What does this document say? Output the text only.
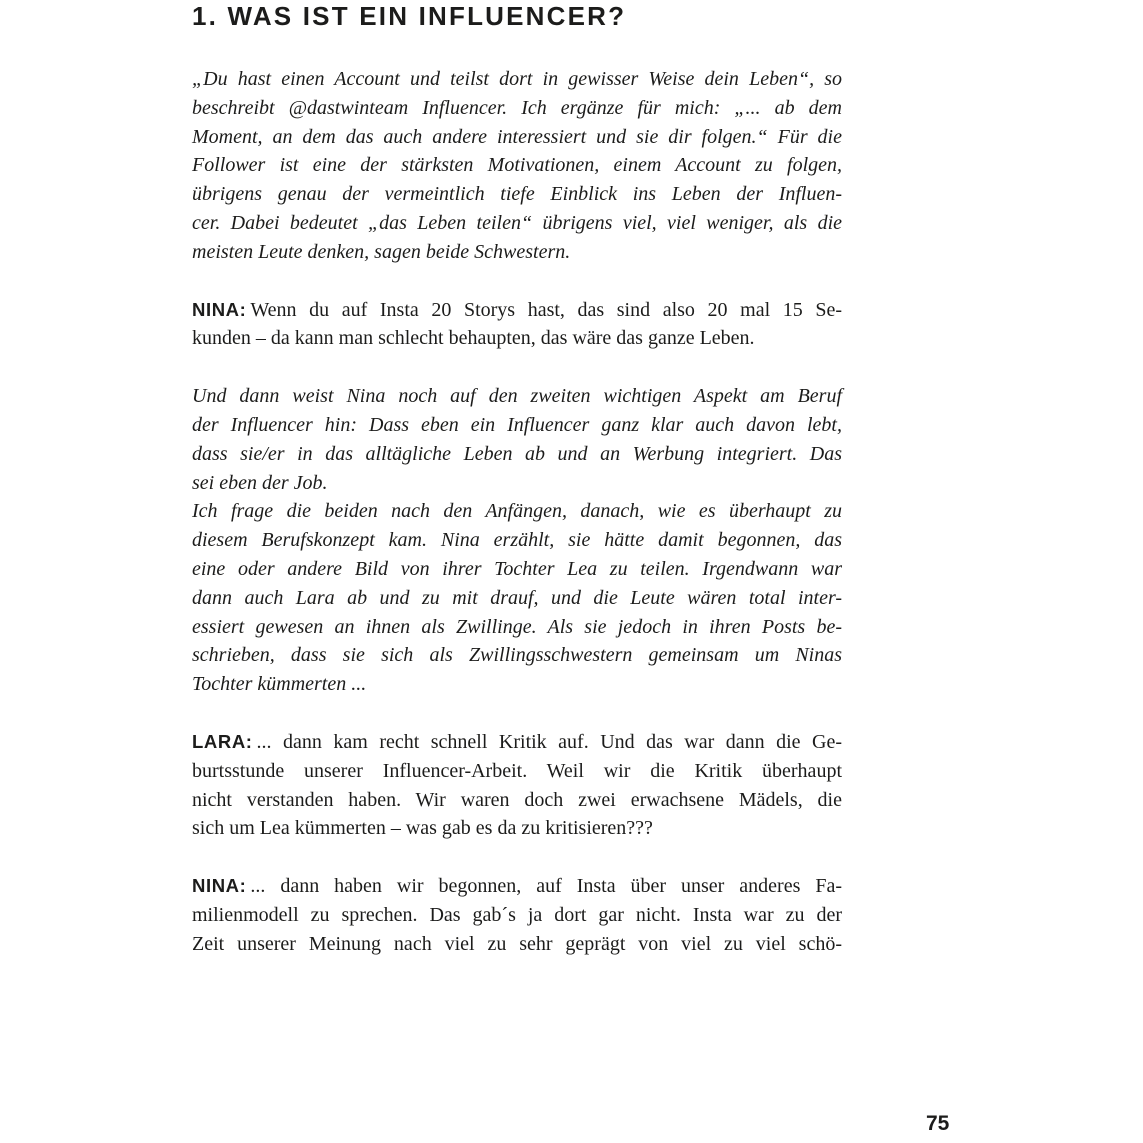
1. WAS IST EIN INFLUENCER?
„Du hast einen Account und teilst dort in gewisser Weise dein Leben“, so
beschreibt @dastwinteam Influencer. Ich ergänze für mich: „... ab dem
Moment, an dem das auch andere interessiert und sie dir folgen.“ Für die
Follower ist eine der stärksten Motivationen, einem Account zu folgen,
übrigens genau der vermeintlich tiefe Einblick ins Leben der Influen-
cer. Dabei bedeutet „das Leben teilen“ übrigens viel, viel weniger, als die
meisten Leute denken, sagen beide Schwestern.
NINA: Wenn du auf Insta 20 Storys hast, das sind also 20 mal 15 Se-
kunden – da kann man schlecht behaupten, das wäre das ganze Leben.
Und dann weist Nina noch auf den zweiten wichtigen Aspekt am Beruf
der Influencer hin: Dass eben ein Influencer ganz klar auch davon lebt,
dass sie/er in das alltägliche Leben ab und an Werbung integriert. Das
sei eben der Job.
Ich frage die beiden nach den Anfängen, danach, wie es überhaupt zu
diesem Berufskonzept kam. Nina erzählt, sie hätte damit begonnen, das
eine oder andere Bild von ihrer Tochter Lea zu teilen. Irgendwann war
dann auch Lara ab und zu mit drauf, und die Leute wären total inter-
essiert gewesen an ihnen als Zwillinge. Als sie jedoch in ihren Posts be-
schrieben, dass sie sich als Zwillingsschwestern gemeinsam um Ninas
Tochter kümmerten ...
LARA: ... dann kam recht schnell Kritik auf. Und das war dann die Ge-
burtsstunde unserer Influencer-Arbeit. Weil wir die Kritik überhaupt
nicht verstanden haben. Wir waren doch zwei erwachsene Mädels, die
sich um Lea kümmerten – was gab es da zu kritisieren???
NINA: ... dann haben wir begonnen, auf Insta über unser anderes Fa-
milienmodell zu sprechen. Das gab´s ja dort gar nicht. Insta war zu der
Zeit unserer Meinung nach viel zu sehr geprägt von viel zu viel schö-
75
